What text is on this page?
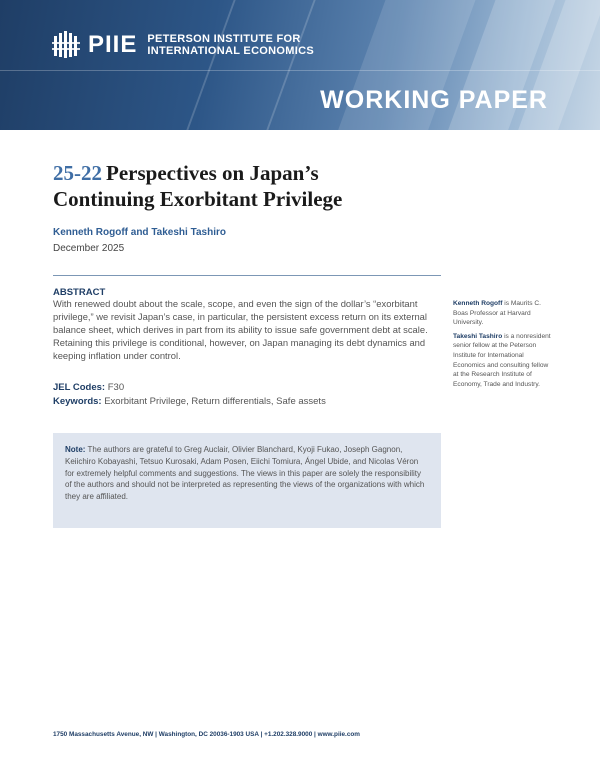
PIIE PETERSON INSTITUTE FOR
INTERNATIONAL ECONOMICS
WORKING PAPER
25-22 Perspectives on Japan’s
Continuing Exorbitant Privilege
Kenneth Rogoff and Takeshi Tashiro
December 2025
ABSTRACT

With renewed doubt about the scale, scope, and even the sign of the dollar’s “exorbitant privilege,” we revisit Japan’s case, in particular, the persistent excess return on its external balance sheet, which derives in part from its ability to issue safe government debt at scale. Retaining this privilege is conditional, however, on Japan managing its debt dynamics and keeping inflation under control.

JEL Codes: F30
Keywords: Exorbitant Privilege, Return differentials, Safe assets

Kenneth Rogoff is Maurits C. Boas Professor at Harvard University.

Takeshi Tashiro is a nonresident senior fellow at the Peterson Institute for International Economics and consulting fellow at the Research Institute of Economy, Trade and Industry.

Note: The authors are grateful to Greg Auclair, Olivier Blanchard, Kyoji Fukao, Joseph Gagnon, Keiichiro Kobayashi, Tetsuo Kurosaki, Adam Posen, Eiichi Tomiura, Ángel Ubide, and Nicolas Véron for extremely helpful comments and suggestions. The views in this paper are solely the responsibility of the authors and should not be interpreted as representing the views of the organizations with which they are affiliated.

1750 Massachusetts Avenue, NW | Washington, DC 20036-1903 USA | +1.202.328.9000 | www.piie.com
